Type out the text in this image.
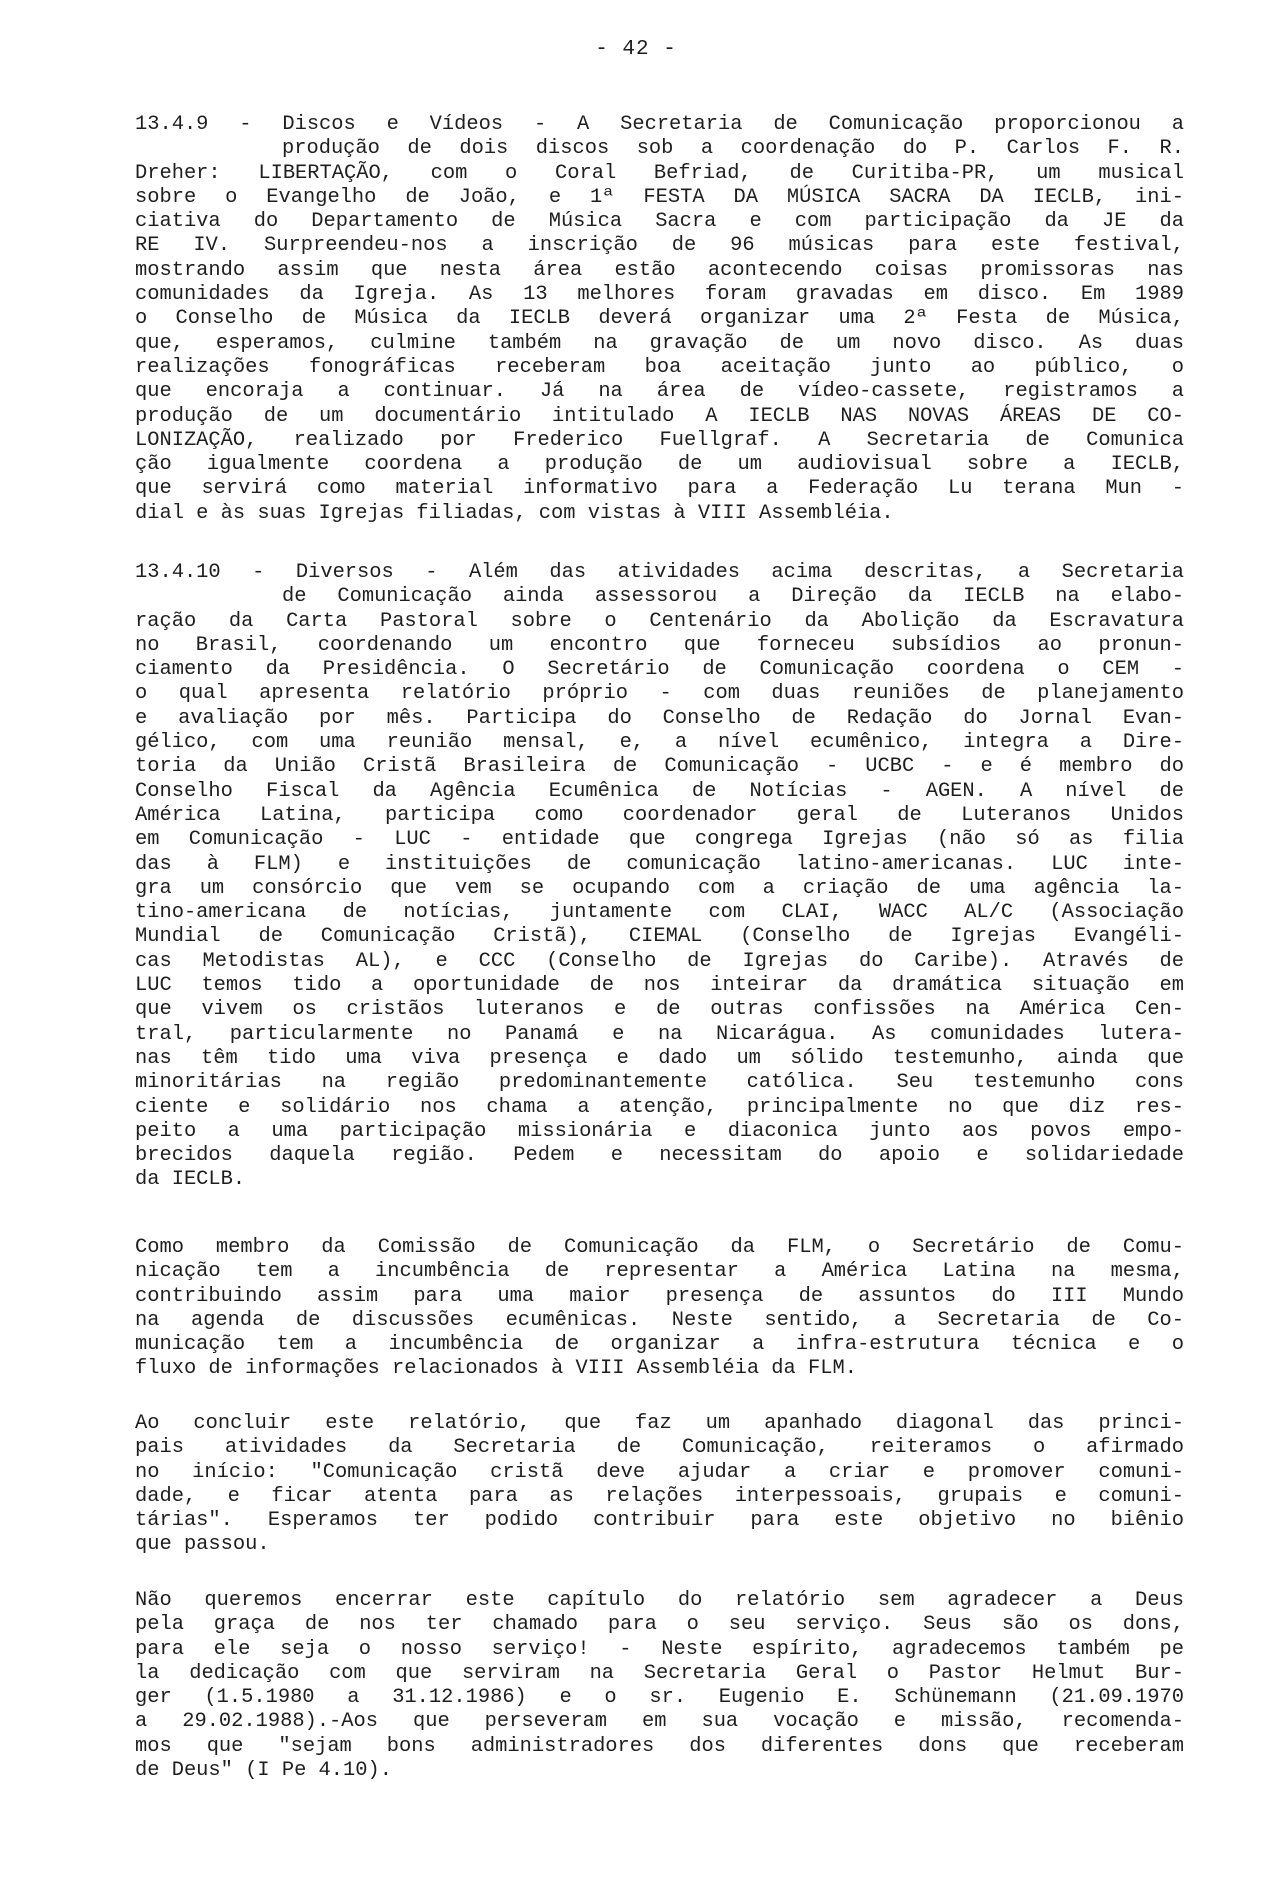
- 42 -
13.4.9 - Discos e Vídeos - A Secretaria de Comunicação proporcionou a
produção de dois discos sob a coordenação do P. Carlos F. R.
Dreher: LIBERTAÇÃO, com o Coral Befriad, de Curitiba-PR, um musical
sobre o Evangelho de João, e 1ª FESTA DA MÚSICA SACRA DA IECLB, ini-
ciativa do Departamento de Música Sacra e com participação da JE da
RE IV. Surpreendeu-nos a inscrição de 96 músicas para este festival,
mostrando assim que nesta área estão acontecendo coisas promissoras nas
comunidades da Igreja. As 13 melhores foram gravadas em disco. Em 1989
o Conselho de Música da IECLB deverá organizar uma 2ª Festa de Música,
que, esperamos, culmine também na gravação de um novo disco. As duas
realizações fonográficas receberam boa aceitação junto ao público, o
que encoraja a continuar. Já na área de vídeo-cassete, registramos a
produção de um documentário intitulado A IECLB NAS NOVAS ÁREAS DE CO-
LONIZAÇÃO, realizado por Frederico Fuellgraf. A Secretaria de Comunica
ção igualmente coordena a produção de um audiovisual sobre a IECLB,
que servirá como material informativo para a Federação Lu terana Mun -
dial e às suas Igrejas filiadas, com vistas à VIII Assembléia.
13.4.10 - Diversos - Além das atividades acima descritas, a Secretaria
de Comunicação ainda assessorou a Direção da IECLB na elabo-
ração da Carta Pastoral sobre o Centenário da Abolição da Escravatura
no Brasil, coordenando um encontro que forneceu subsídios ao pronun-
ciamento da Presidência. O Secretário de Comunicação coordena o CEM -
o qual apresenta relatório próprio - com duas reuniões de planejamento
e avaliação por mês. Participa do Conselho de Redação do Jornal Evan-
gélico, com uma reunião mensal, e, a nível ecumênico, integra a Dire-
toria da União Cristã Brasileira de Comunicação - UCBC - e é membro do
Conselho Fiscal da Agência Ecumênica de Notícias - AGEN. A nível de
América Latina, participa como coordenador geral de Luteranos Unidos
em Comunicação - LUC - entidade que congrega Igrejas (não só as filia
das à FLM) e instituições de comunicação latino-americanas. LUC inte-
gra um consórcio que vem se ocupando com a criação de uma agência la-
tino-americana de notícias, juntamente com CLAI, WACC AL/C (Associação
Mundial de Comunicação Cristã), CIEMAL (Conselho de Igrejas Evangéli-
cas Metodistas AL), e CCC (Conselho de Igrejas do Caribe). Através de
LUC temos tido a oportunidade de nos inteirar da dramática situação em
que vivem os cristãos luteranos e de outras confissões na América Cen-
tral, particularmente no Panamá e na Nicarágua. As comunidades lutera-
nas têm tido uma viva presença e dado um sólido testemunho, ainda que
minoritárias na região predominantemente católica. Seu testemunho cons
ciente e solidário nos chama a atenção, principalmente no que diz res-
peito a uma participação missionária e diaconica junto aos povos empo-
brecidos daquela região. Pedem e necessitam do apoio e solidariedade
da IECLB.
Como membro da Comissão de Comunicação da FLM, o Secretário de Comu-
nicação tem a incumbência de representar a América Latina na mesma,
contribuindo assim para uma maior presença de assuntos do III Mundo
na agenda de discussões ecumênicas. Neste sentido, a Secretaria de Co-
municação tem a incumbência de organizar a infra-estrutura técnica e o
fluxo de informações relacionados à VIII Assembléia da FLM.
Ao concluir este relatório, que faz um apanhado diagonal das princi-
pais atividades da Secretaria de Comunicação, reiteramos o afirmado
no início: "Comunicação cristã deve ajudar a criar e promover comuni-
dade, e ficar atenta para as relações interpessoais, grupais e comuni-
tárias". Esperamos ter podido contribuir para este objetivo no biênio
que passou.
Não queremos encerrar este capítulo do relatório sem agradecer a Deus
pela graça de nos ter chamado para o seu serviço. Seus são os dons,
para ele seja o nosso serviço! - Neste espírito, agradecemos também pe
la dedicação com que serviram na Secretaria Geral o Pastor Helmut Bur-
ger (1.5.1980 a 31.12.1986) e o sr. Eugenio E. Schünemann (21.09.1970
a 29.02.1988).-Aos que perseveram em sua vocação e missão, recomenda-
mos que "sejam bons administradores dos diferentes dons que receberam
de Deus" (I Pe 4.10).
